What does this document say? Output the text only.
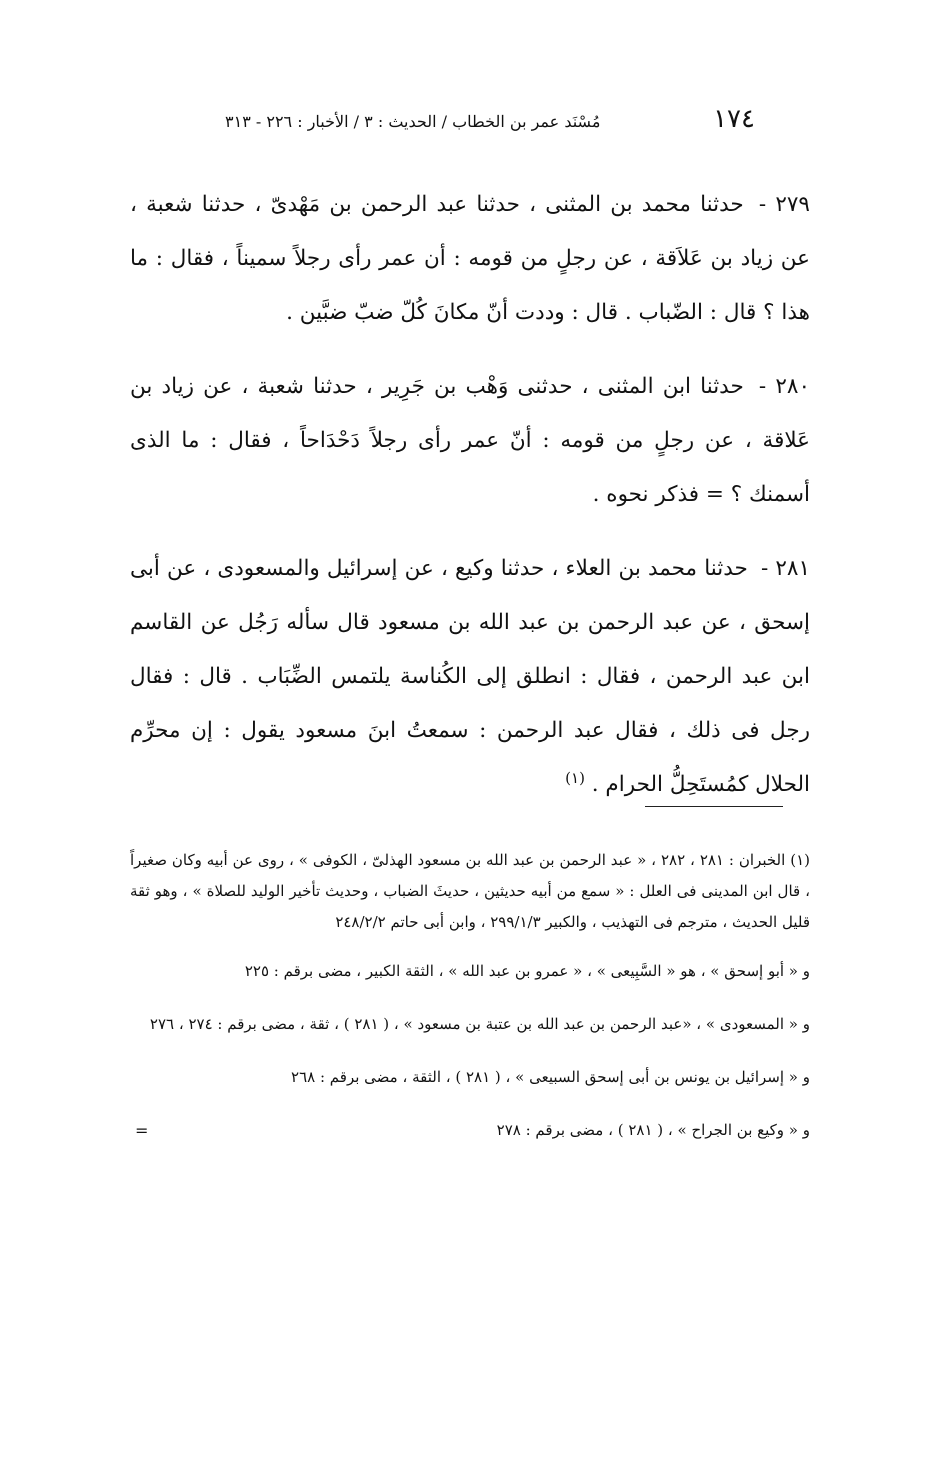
١٧٤
مُسْنَد عمر بن الخطاب / الحديث : ٣ / الأخبار : ٢٢٦ - ٣١٣

٢٧٩ - حدثنا محمد بن المثنى ، حدثنا عبد الرحمن بن مَهْدىّ ، حدثنا شعبة ، عن زياد بن عَلاَقة ، عن رجلٍ من قومه : أن عمر رأى رجلاً سميناً ، فقال : ما هذا ؟ قال : الضّباب . قال : وددت أنّ مكانَ كُلّ ضبّ ضبَّين .

٢٨٠ - حدثنا ابن المثنى ، حدثنى وَهْب بن جَرِير ، حدثنا شعبة ، عن زياد بن عَلاقة ، عن رجلٍ من قومه : أنّ عمر رأى رجلاً دَحْدَاحاً ، فقال : ما الذى أسمنك ؟ = فذكر نحوه .

٢٨١ - حدثنا محمد بن العلاء ، حدثنا وكيع ، عن إسرائيل والمسعودى ، عن أبى إسحق ، عن عبد الرحمن بن عبد الله بن مسعود قال سأله رَجُل عن القاسم ابن عبد الرحمن ، فقال : انطلق إلى الكُناسة يلتمس الضِّبَاب . قال : فقال رجل فى ذلك ، فقال عبد الرحمن : سمعتُ ابنَ مسعود يقول : إن محرِّم الحلال كمُستَحِلُّ الحرام . $^{(١)}$

(١) الخبران : ٢٨١ ، ٢٨٢ ، « عبد الرحمن بن عبد الله بن مسعود الهذلىّ ، الكوفى » ، روى عن أبيه وكان صغيراً ، قال ابن المدينى فى العلل : « سمع من أبيه حديثين ، حديثَ الضباب ، وحديث تأخير الوليد للصلاة » ، وهو ثقة قليل الحديث ، مترجم فى التهذيب ، والكبير ٢٩٩/١/٣ ، وابن أبى حاتم ٢٤٨/٢/٢

و « أبو إسحق » ، هو « السَّبِيعى » ، « عمرو بن عبد الله » ، الثقة الكبير ، مضى برقم : ٢٢٥

و « المسعودى » ، «عبد الرحمن بن عبد الله بن عتبة بن مسعود » ، ( ٢٨١ ) ، ثقة ، مضى برقم : ٢٧٤ ، ٢٧٦

و « إسرائيل بن يونس بن أبى إسحق السبيعى » ، ( ٢٨١ ) ، الثقة ، مضى برقم : ٢٦٨

و « وكيع بن الجراح » ، ( ٢٨١ ) ، مضى برقم : ٢٧٨
=
